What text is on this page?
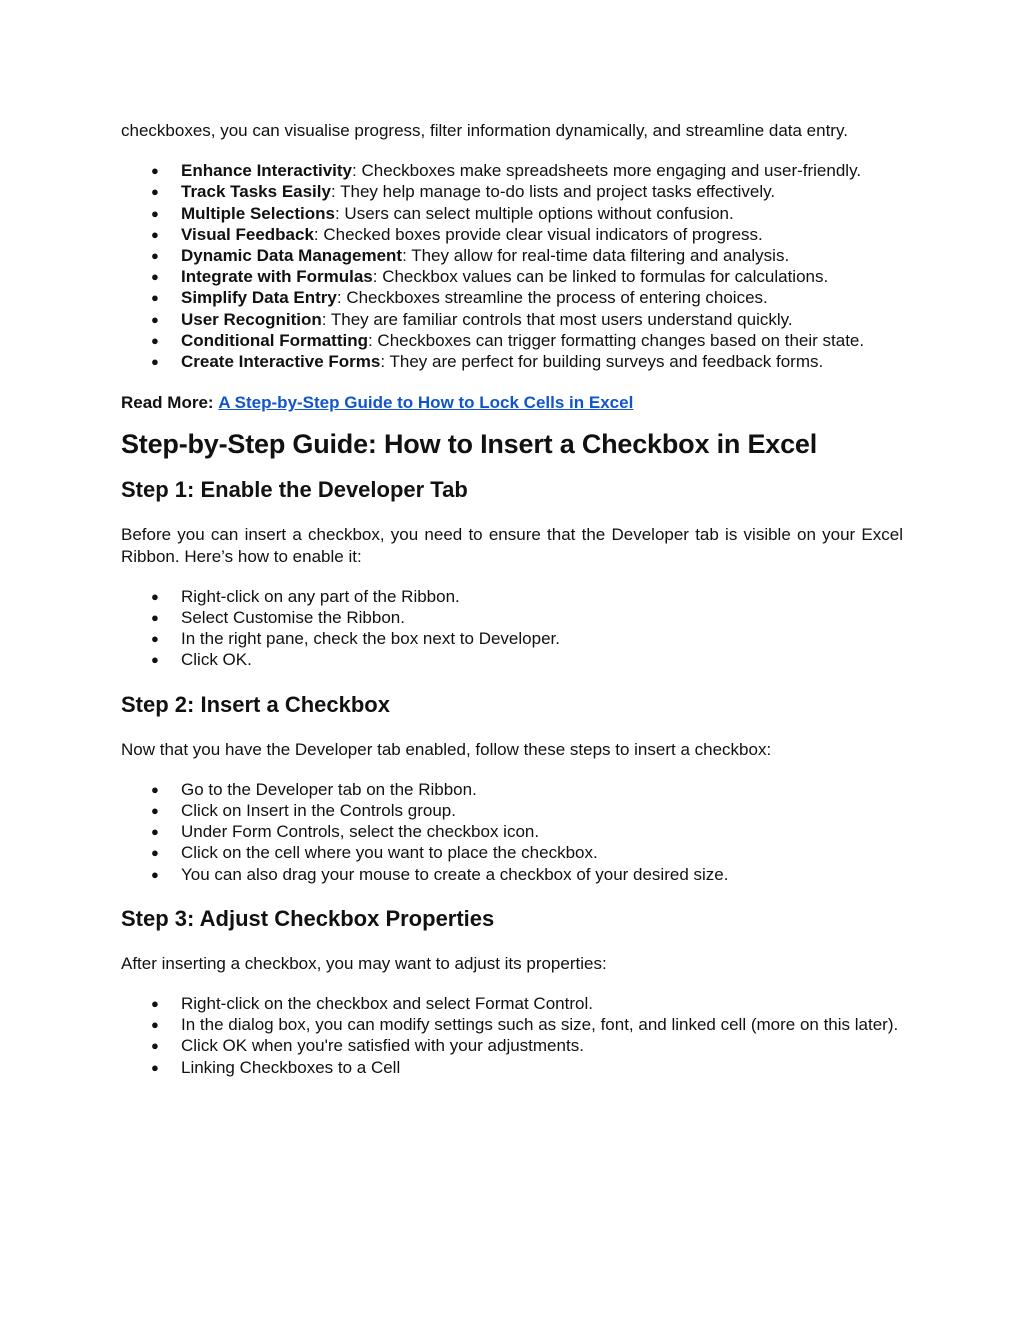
checkboxes, you can visualise progress, filter information dynamically, and streamline data entry.

● Enhance Interactivity: Checkboxes make spreadsheets more engaging and user-friendly.
● Track Tasks Easily: They help manage to-do lists and project tasks effectively.
● Multiple Selections: Users can select multiple options without confusion.
● Visual Feedback: Checked boxes provide clear visual indicators of progress.
● Dynamic Data Management: They allow for real-time data filtering and analysis.
● Integrate with Formulas: Checkbox values can be linked to formulas for calculations.
● Simplify Data Entry: Checkboxes streamline the process of entering choices.
● User Recognition: They are familiar controls that most users understand quickly.
● Conditional Formatting: Checkboxes can trigger formatting changes based on their state.
● Create Interactive Forms: They are perfect for building surveys and feedback forms.
Read More: A Step-by-Step Guide to How to Lock Cells in Excel
Step-by-Step Guide: How to Insert a Checkbox in Excel
Step 1: Enable the Developer Tab

Before you can insert a checkbox, you need to ensure that the Developer tab is visible on your Excel Ribbon. Here’s how to enable it:

● Right-click on any part of the Ribbon.
● Select Customise the Ribbon.
● In the right pane, check the box next to Developer.
● Click OK.
Step 2: Insert a Checkbox

Now that you have the Developer tab enabled, follow these steps to insert a checkbox:

● Go to the Developer tab on the Ribbon.
● Click on Insert in the Controls group.
● Under Form Controls, select the checkbox icon.
● Click on the cell where you want to place the checkbox.
● You can also drag your mouse to create a checkbox of your desired size.
Step 3: Adjust Checkbox Properties

After inserting a checkbox, you may want to adjust its properties:

● Right-click on the checkbox and select Format Control.
● In the dialog box, you can modify settings such as size, font, and linked cell (more on this later).
● Click OK when you're satisfied with your adjustments.
● Linking Checkboxes to a Cell
